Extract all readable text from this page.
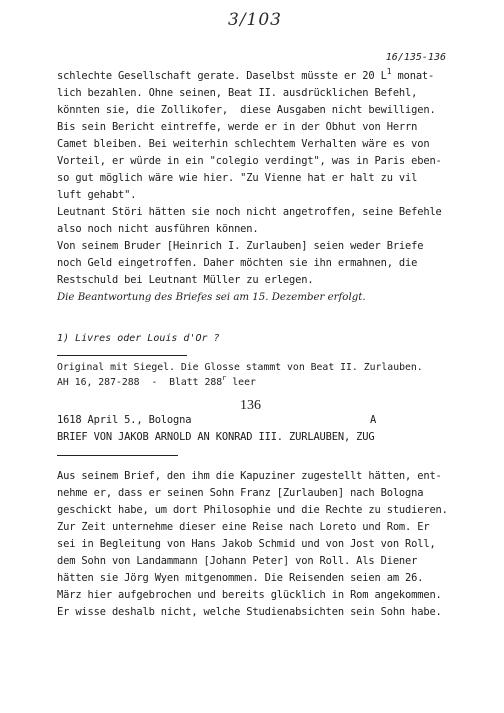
3/103
16/135-136
schlechte Gesellschaft gerate. Daselbst müsste er 20 $L^1$ monat-
lich bezahlen. Ohne seinen, Beat II. ausdrücklichen Befehl,
könnten sie, die Zollikofer,  diese Ausgaben nicht bewilligen.
Bis sein Bericht eintreffe, werde er in der Obhut von Herrn
Camet bleiben. Bei weiterhin schlechtem Verhalten wäre es von
Vorteil, er würde in ein "colegio verdingt", was in Paris eben-
so gut möglich wäre wie hier. "Zu Vienne hat er halt zu vil
luft gehabt".
Leutnant Störi hätten sie noch nicht angetroffen, seine Befehle
also noch nicht ausführen können.
Von seinem Bruder [Heinrich I. Zurlauben] seien weder Briefe
noch Geld eingetroffen. Daher möchten sie ihn ermahnen, die
Restschuld bei Leutnant Müller zu erlegen.
Die Beantwortung des Briefes sei am 15. Dezember erfolgt.
1) Livres oder Louis d'Or ?
Original mit Siegel. Die Glosse stammt von Beat II. Zurlauben.
AH 16, 287-288  -  Blatt 288$^r$ leer
136
1618 April 5., Bologna	A
BRIEF VON JAKOB ARNOLD AN KONRAD III. ZURLAUBEN, ZUG
Aus seinem Brief, den ihm die Kapuziner zugestellt hätten, ent-
nehme er, dass er seinen Sohn Franz [Zurlauben] nach Bologna
geschickt habe, um dort Philosophie und die Rechte zu studieren.
Zur Zeit unternehme dieser eine Reise nach Loreto und Rom. Er
sei in Begleitung von Hans Jakob Schmid und von Jost von Roll,
dem Sohn von Landammann [Johann Peter] von Roll. Als Diener
hätten sie Jörg Wyen mitgenommen. Die Reisenden seien am 26.
März hier aufgebrochen und bereits glücklich in Rom angekommen.
Er wisse deshalb nicht, welche Studienabsichten sein Sohn habe.
